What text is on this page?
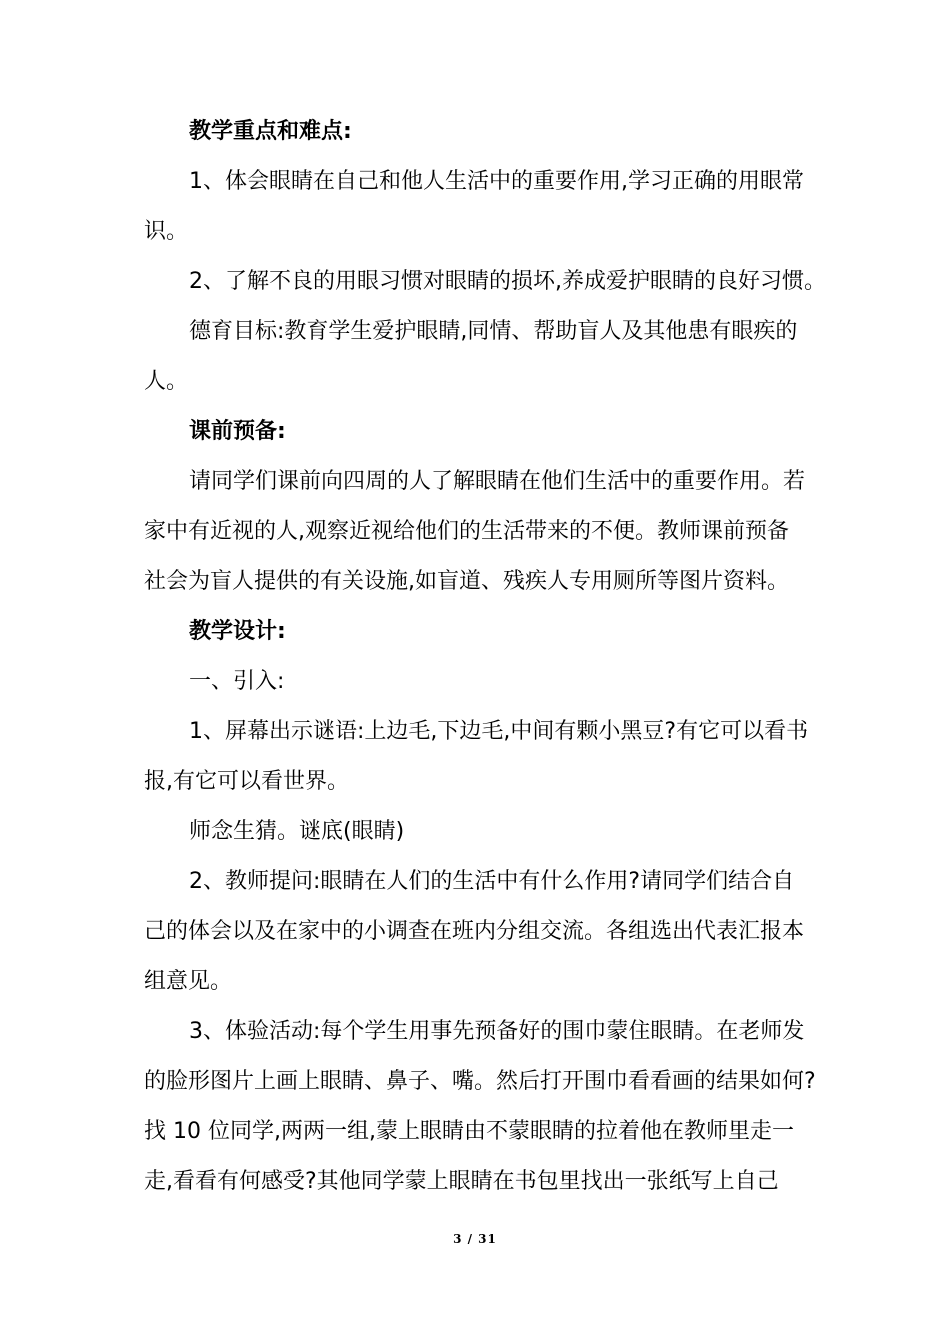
教学重点和难点:
1、体会眼睛在自己和他人生活中的重要作用,学习正确的用眼常
识。
2、了解不良的用眼习惯对眼睛的损坏,养成爱护眼睛的良好习惯。
德育目标:教育学生爱护眼睛,同情、帮助盲人及其他患有眼疾的
人。
课前预备:
请同学们课前向四周的人了解眼睛在他们生活中的重要作用。若
家中有近视的人,观察近视给他们的生活带来的不便。教师课前预备
社会为盲人提供的有关设施,如盲道、残疾人专用厕所等图片资料。
教学设计:
一、引入:
1、屏幕出示谜语:上边毛,下边毛,中间有颗小黑豆?有它可以看书
报,有它可以看世界。
师念生猜。谜底(眼睛)
2、教师提问:眼睛在人们的生活中有什么作用?请同学们结合自
己的体会以及在家中的小调查在班内分组交流。各组选出代表汇报本
组意见。
3、体验活动:每个学生用事先预备好的围巾蒙住眼睛。在老师发
的脸形图片上画上眼睛、鼻子、嘴。然后打开围巾看看画的结果如何?
找 10 位同学,两两一组,蒙上眼睛由不蒙眼睛的拉着他在教师里走一
走,看看有何感受?其他同学蒙上眼睛在书包里找出一张纸写上自己
3 / 31
